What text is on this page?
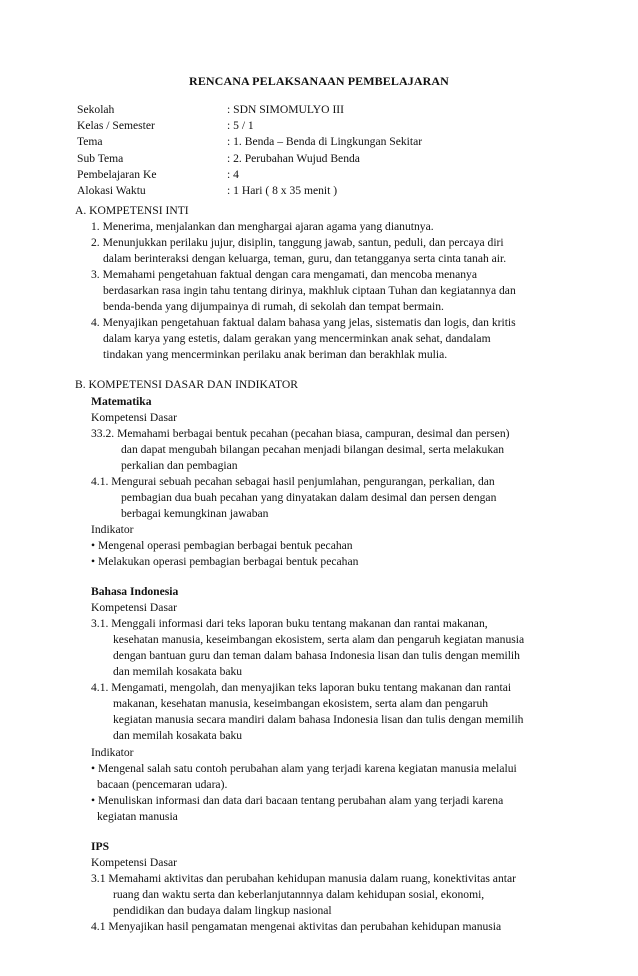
RENCANA PELAKSANAAN PEMBELAJARAN
Sekolah	: SDN SIMOMULYO III
Kelas / Semester	: 5 / 1
Tema	: 1. Benda – Benda di Lingkungan Sekitar
Sub Tema	: 2. Perubahan Wujud Benda
Pembelajaran Ke	: 4
Alokasi Waktu	: 1 Hari ( 8 x 35 menit )
A. KOMPETENSI INTI
1. Menerima, menjalankan dan menghargai ajaran agama yang dianutnya.
2. Menunjukkan perilaku jujur, disiplin, tanggung jawab, santun, peduli, dan percaya diri
dalam berinteraksi dengan keluarga, teman, guru, dan tetangganya serta cinta tanah air.
3. Memahami pengetahuan faktual dengan cara mengamati, dan mencoba menanya
berdasarkan rasa ingin tahu tentang dirinya, makhluk ciptaan Tuhan dan kegiatannya dan
benda-benda yang dijumpainya di rumah, di sekolah dan tempat bermain.
4. Menyajikan pengetahuan faktual dalam bahasa yang jelas, sistematis dan logis, dan kritis
dalam karya yang estetis, dalam gerakan yang mencerminkan anak sehat, dandalam
tindakan yang mencerminkan perilaku anak beriman dan berakhlak mulia.
B. KOMPETENSI DASAR DAN INDIKATOR
Matematika
Kompetensi Dasar
33.2. Memahami berbagai bentuk pecahan (pecahan biasa, campuran, desimal dan persen)
dan dapat mengubah bilangan pecahan menjadi bilangan desimal, serta melakukan
perkalian dan pembagian
4.1. Mengurai sebuah pecahan sebagai hasil penjumlahan, pengurangan, perkalian, dan
pembagian dua buah pecahan yang dinyatakan dalam desimal dan persen dengan
berbagai kemungkinan jawaban
Indikator
• Mengenal operasi pembagian berbagai bentuk pecahan
• Melakukan operasi pembagian berbagai bentuk pecahan
Bahasa Indonesia
Kompetensi Dasar
3.1. Menggali informasi dari teks laporan buku tentang makanan dan rantai makanan,
kesehatan manusia, keseimbangan ekosistem, serta alam dan pengaruh kegiatan manusia
dengan bantuan guru dan teman dalam bahasa Indonesia lisan dan tulis dengan memilih
dan memilah kosakata baku
4.1. Mengamati, mengolah, dan menyajikan teks laporan buku tentang makanan dan rantai
makanan, kesehatan manusia, keseimbangan ekosistem, serta alam dan pengaruh
kegiatan manusia secara mandiri dalam bahasa Indonesia lisan dan tulis dengan memilih
dan memilah kosakata baku
Indikator
• Mengenal salah satu contoh perubahan alam yang terjadi karena kegiatan manusia melalui
bacaan (pencemaran udara).
• Menuliskan informasi dan data dari bacaan tentang perubahan alam yang terjadi karena
kegiatan manusia
IPS
Kompetensi Dasar
3.1 Memahami aktivitas dan perubahan kehidupan manusia dalam ruang, konektivitas antar
ruang dan waktu serta dan keberlanjutannnya dalam kehidupan sosial, ekonomi,
pendidikan dan budaya dalam lingkup nasional
4.1 Menyajikan hasil pengamatan mengenai aktivitas dan perubahan kehidupan manusia
